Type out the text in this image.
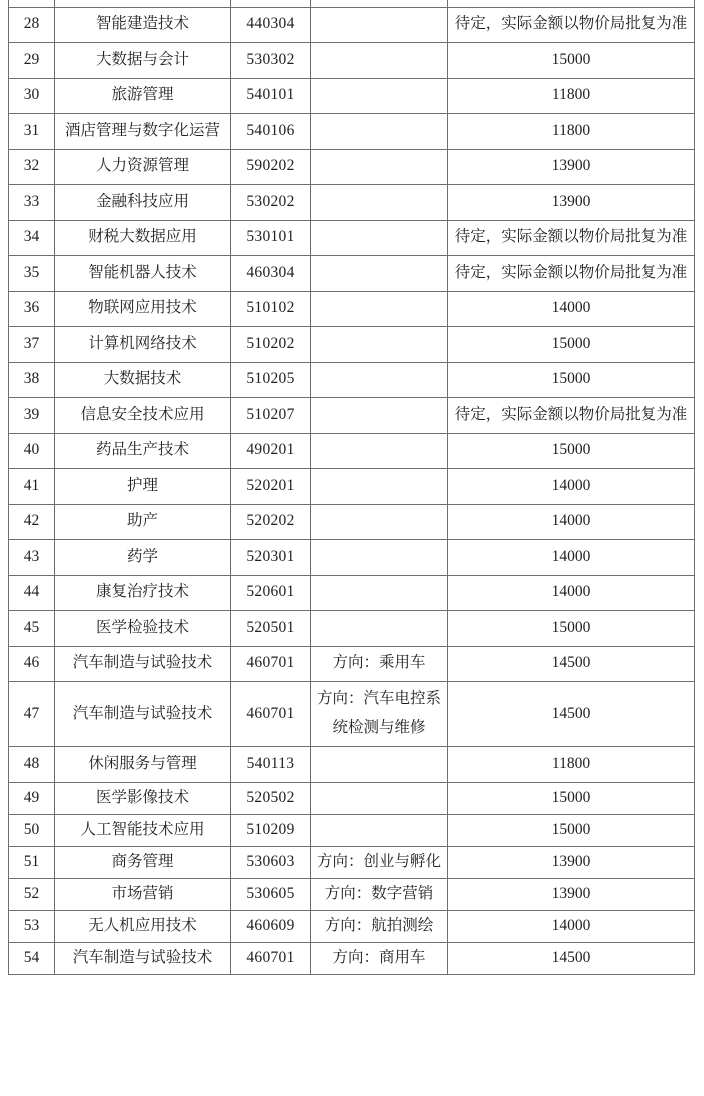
28	智能建造技术	440304		待定，实际金额以物价局批复为准
29	大数据与会计	530302		15000
30	旅游管理	540101		11800
31	酒店管理与数字化运营	540106		11800
32	人力资源管理	590202		13900
33	金融科技应用	530202		13900
34	财税大数据应用	530101		待定，实际金额以物价局批复为准
35	智能机器人技术	460304		待定，实际金额以物价局批复为准
36	物联网应用技术	510102		14000
37	计算机网络技术	510202		15000
38	大数据技术	510205		15000
39	信息安全技术应用	510207		待定，实际金额以物价局批复为准
40	药品生产技术	490201		15000
41	护理	520201		14000
42	助产	520202		14000
43	药学	520301		14000
44	康复治疗技术	520601		14000
45	医学检验技术	520501		15000
46	汽车制造与试验技术	460701	方向：乘用车	14500
47	汽车制造与试验技术	460701	方向：汽车电控系统检测与维修	14500
48	休闲服务与管理	540113		11800
49	医学影像技术	520502		15000
50	人工智能技术应用	510209		15000
51	商务管理	530603	方向：创业与孵化	13900
52	市场营销	530605	方向：数字营销	13900
53	无人机应用技术	460609	方向：航拍测绘	14000
54	汽车制造与试验技术	460701	方向：商用车	14500
